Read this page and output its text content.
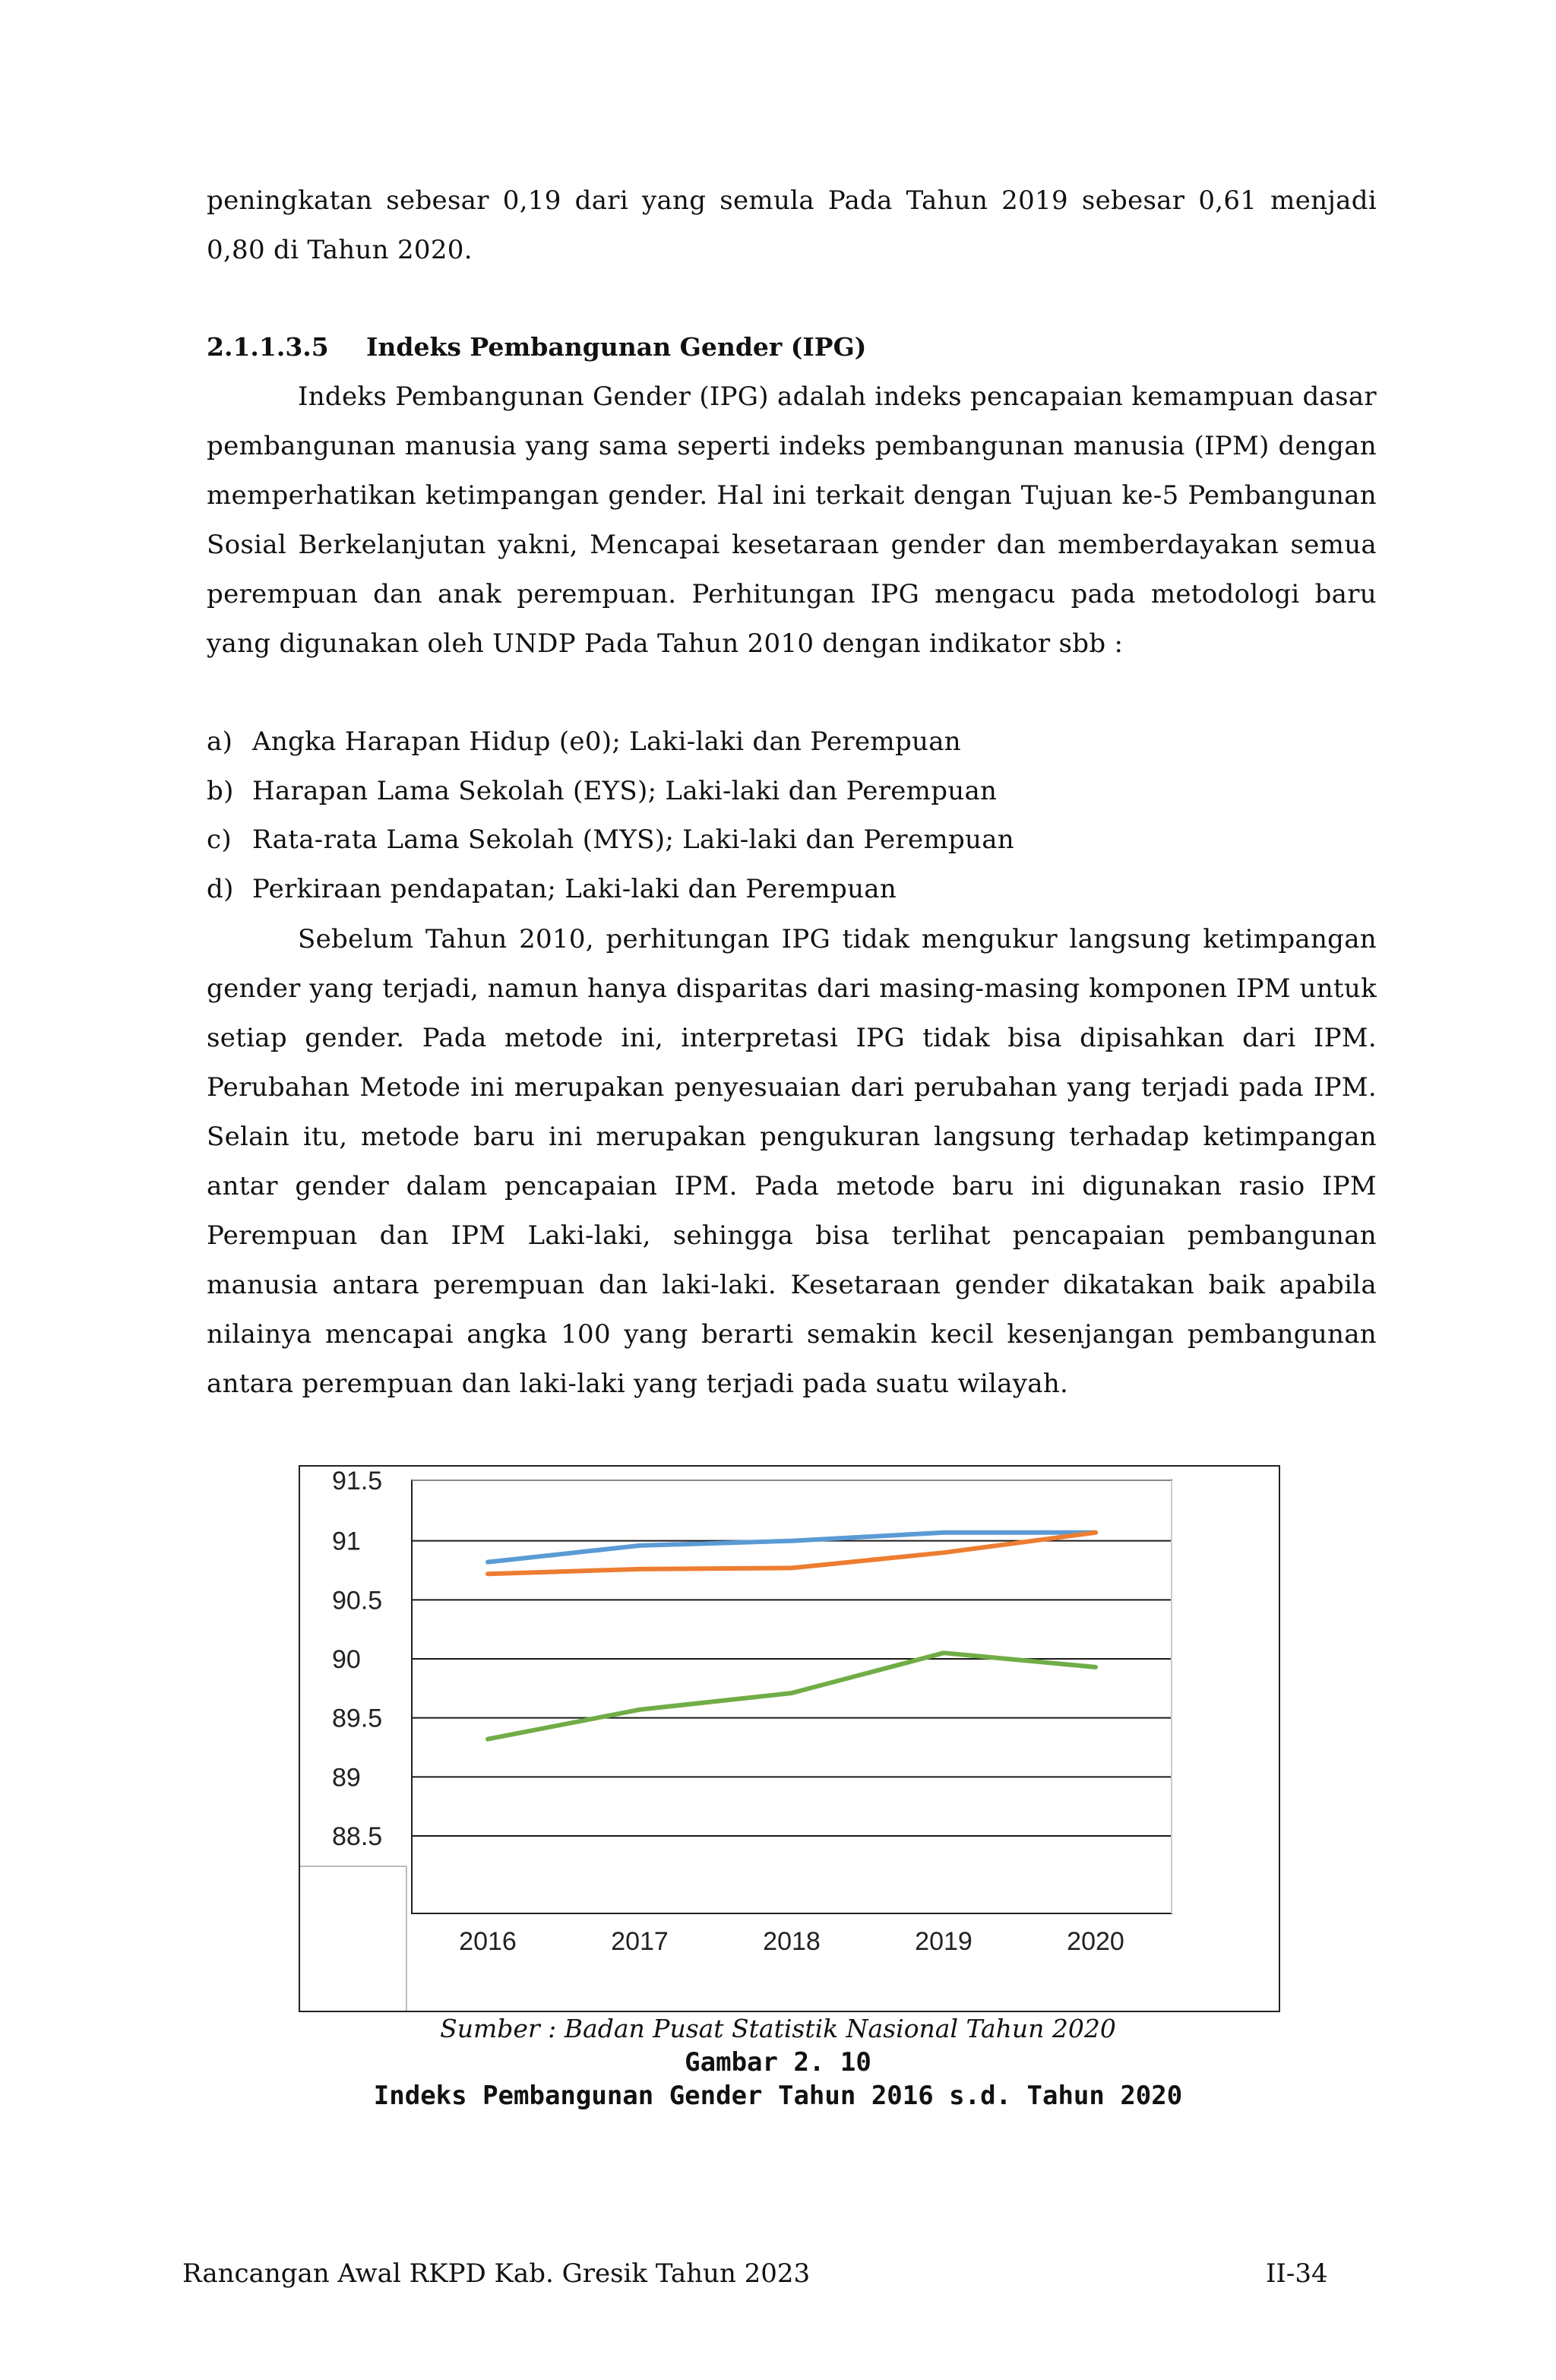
peningkatan sebesar 0,19 dari yang semula Pada Tahun 2019 sebesar 0,61 menjadi 0,80 di Tahun 2020.

2.1.1.3.5 Indeks Pembangunan Gender (IPG)

Indeks Pembangunan Gender (IPG) adalah indeks pencapaian kemampuan dasar pembangunan manusia yang sama seperti indeks pembangunan manusia (IPM) dengan memperhatikan ketimpangan gender. Hal ini terkait dengan Tujuan ke-5 Pembangunan Sosial Berkelanjutan yakni, Mencapai kesetaraan gender dan memberdayakan semua perempuan dan anak perempuan. Perhitungan IPG mengacu pada metodologi baru yang digunakan oleh UNDP Pada Tahun 2010 dengan indikator sbb :

a) Angka Harapan Hidup (e0); Laki-laki dan Perempuan
b) Harapan Lama Sekolah (EYS); Laki-laki dan Perempuan
c) Rata-rata Lama Sekolah (MYS); Laki-laki dan Perempuan
d) Perkiraan pendapatan; Laki-laki dan Perempuan

Sebelum Tahun 2010, perhitungan IPG tidak mengukur langsung ketimpangan gender yang terjadi, namun hanya disparitas dari masing-masing komponen IPM untuk setiap gender. Pada metode ini, interpretasi IPG tidak bisa dipisahkan dari IPM. Perubahan Metode ini merupakan penyesuaian dari perubahan yang terjadi pada IPM. Selain itu, metode baru ini merupakan pengukuran langsung terhadap ketimpangan antar gender dalam pencapaian IPM. Pada metode baru ini digunakan rasio IPM Perempuan dan IPM Laki-laki, sehingga bisa terlihat pencapaian pembangunan manusia antara perempuan dan laki-laki. Kesetaraan gender dikatakan baik apabila nilainya mencapai angka 100 yang berarti semakin kecil kesenjangan pembangunan antara perempuan dan laki-laki yang terjadi pada suatu wilayah.

91.5
91
90.5
90
89.5
89
88.5
2016	2017	2018	2019	2020
Sumber : Badan Pusat Statistik Nasional Tahun 2020
Gambar 2. 10
Indeks Pembangunan Gender Tahun 2016 s.d. Tahun 2020
Rancangan Awal RKPD Kab. Gresik Tahun 2023	II-34
